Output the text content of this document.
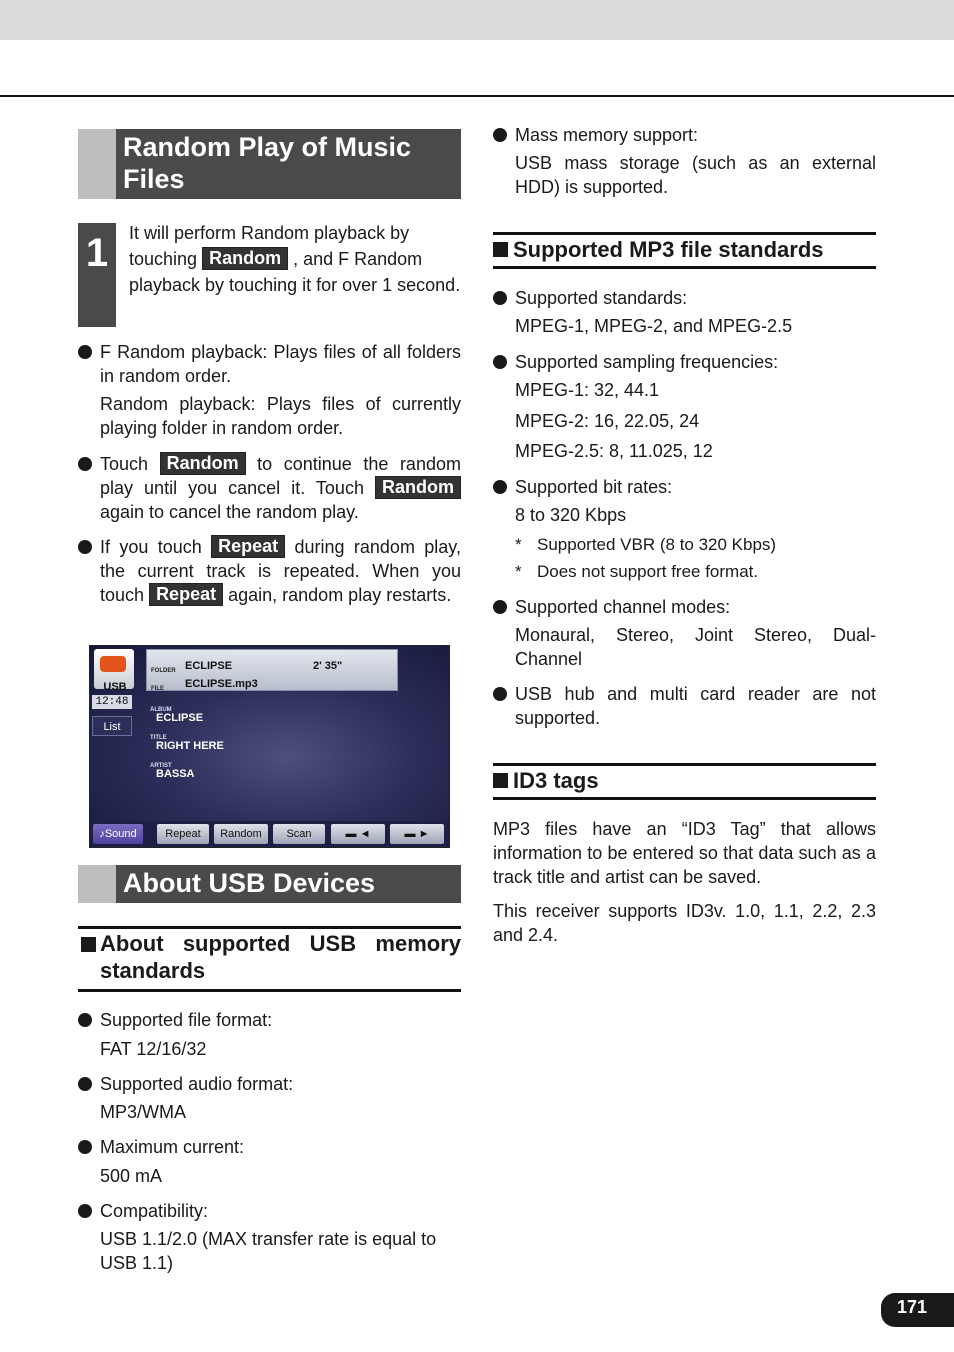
Random Play of Music Files
1	It will perform Random playback by touching Random , and F Random playback by touching it for over 1 second.
F Random playback: Plays files of all folders in random order.
Random playback: Plays files of currently playing folder in random order.
Touch Random to continue the random play until you cancel it. Touch Random again to cancel the random play.
If you touch Repeat during random play, the current track is repeated. When you touch Repeat again, random play restarts.
USB
12:48
List
FOLDER ECLIPSE	2' 35"
FILE ECLIPSE.mp3
ALBUM
ECLIPSE
TITLE
RIGHT HERE
ARTIST
BASSA
♪Sound	Repeat	Random	Scan	▬ ◄	▬ ►
About USB Devices
About supported USB memory standards
Supported file format:
FAT 12/16/32
Supported audio format:
MP3/WMA
Maximum current:
500 mA
Compatibility:
USB 1.1/2.0 (MAX transfer rate is equal to USB 1.1)
Mass memory support:
USB mass storage (such as an external HDD) is supported.
Supported MP3 file standards
Supported standards:
MPEG-1, MPEG-2, and MPEG-2.5
Supported sampling frequencies:
MPEG-1: 32, 44.1
MPEG-2: 16, 22.05, 24
MPEG-2.5: 8, 11.025, 12
Supported bit rates:
8 to 320 Kbps
* Supported VBR (8 to 320 Kbps)
* Does not support free format.
Supported channel modes:
Monaural, Stereo, Joint Stereo, Dual-Channel
USB hub and multi card reader are not supported.
ID3 tags
MP3 files have an “ID3 Tag” that allows information to be entered so that data such as a track title and artist can be saved.
This receiver supports ID3v. 1.0, 1.1, 2.2, 2.3 and 2.4.
171
